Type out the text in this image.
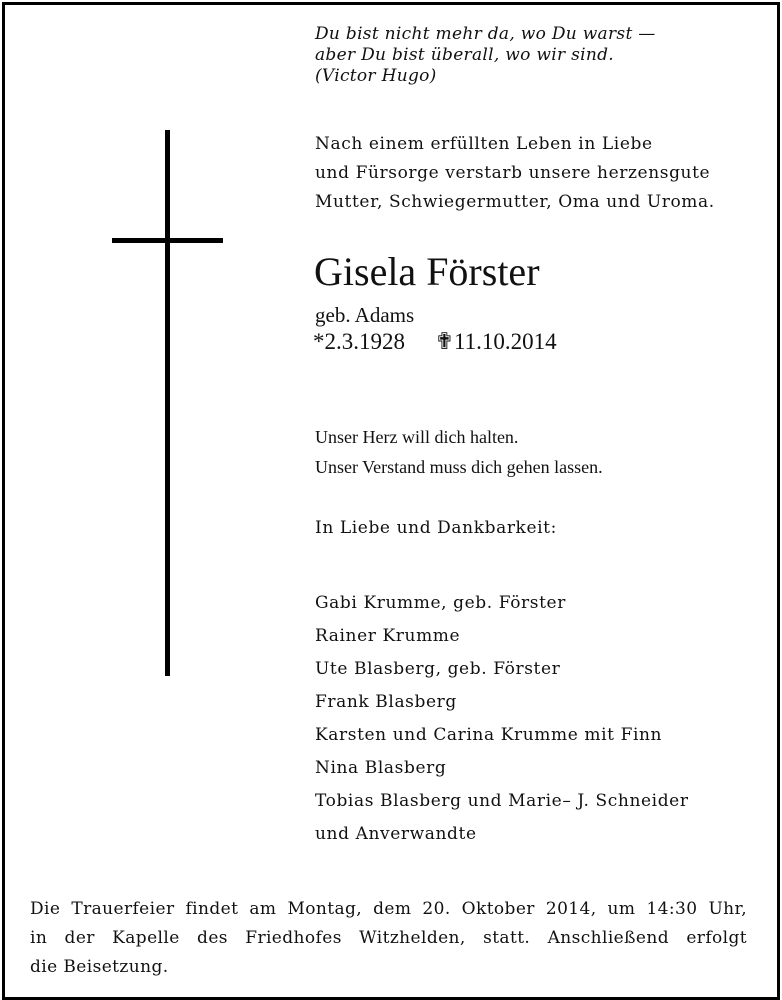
Du bist nicht mehr da, wo Du warst —
aber Du bist überall, wo wir sind.
(Victor Hugo)
Nach einem erfüllten Leben in Liebe
und Fürsorge verstarb unsere herzensgute
Mutter, Schwiegermutter, Oma und Uroma.
Gisela Förster
geb. Adams
*2.3.1928 ✟11.10.2014
Unser Herz will dich halten.
Unser Verstand muss dich gehen lassen.
In Liebe und Dankbarkeit:
Gabi Krumme, geb. Förster
Rainer Krumme
Ute Blasberg, geb. Förster
Frank Blasberg
Karsten und Carina Krumme mit Finn
Nina Blasberg
Tobias Blasberg und Marie– J. Schneider
und Anverwandte
Die Trauerfeier findet am Montag, dem 20. Oktober 2014, um 14:30 Uhr,
in der Kapelle des Friedhofes Witzhelden, statt. Anschließend erfolgt
die Beisetzung.
